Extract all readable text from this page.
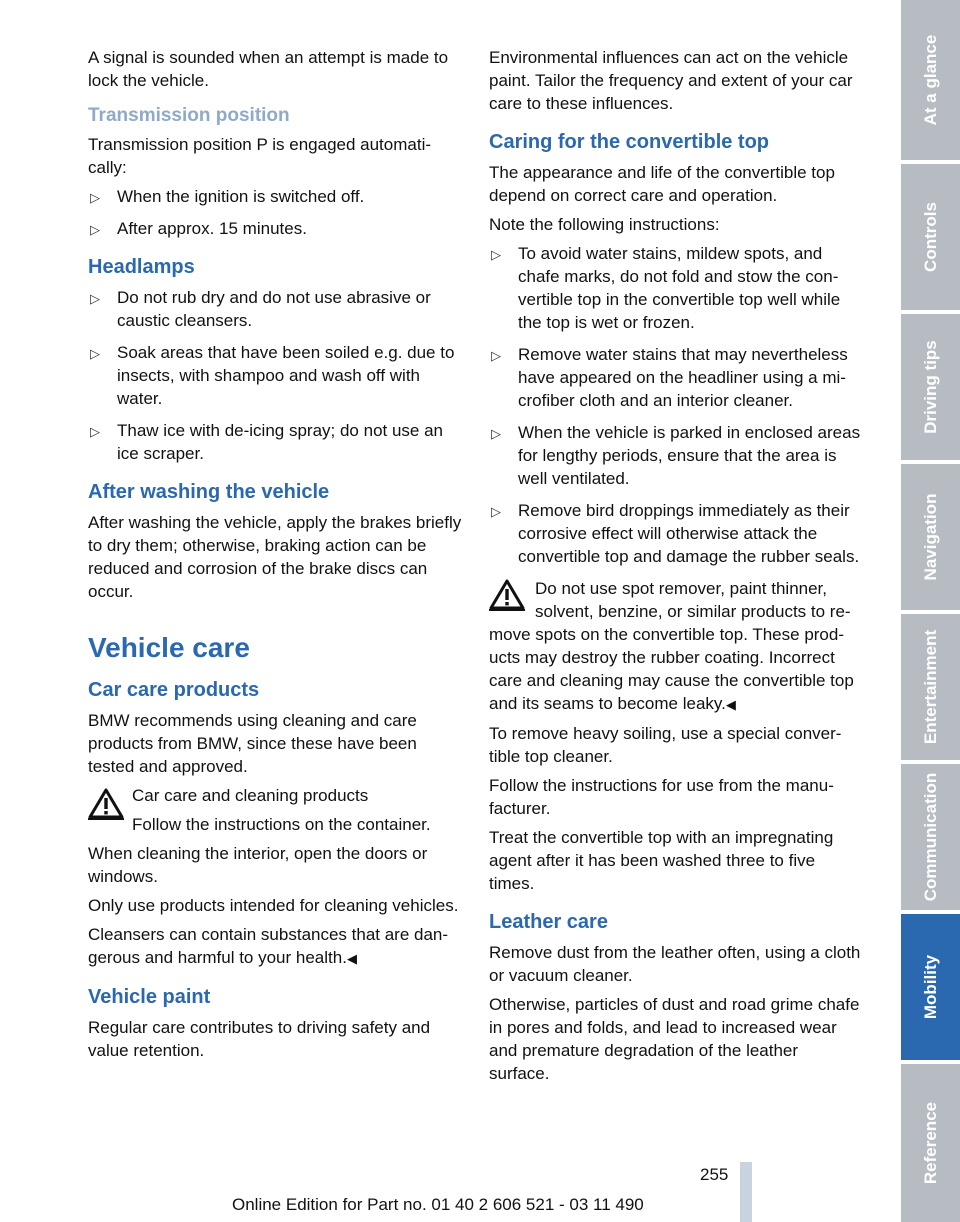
A signal is sounded when an attempt is made to lock the vehicle.

Transmission position

Transmission position P is engaged automatically:

▷ When the ignition is switched off.
▷ After approx. 15 minutes.
Headlamps
▷ Do not rub dry and do not use abrasive or caustic cleansers.
▷ Soak areas that have been soiled e.g. due to insects, with shampoo and wash off with water.
▷ Thaw ice with de-icing spray; do not use an ice scraper.
After washing the vehicle

After washing the vehicle, apply the brakes briefly to dry them; otherwise, braking action can be reduced and corrosion of the brake discs can occur.

Vehicle care
Car care products

BMW recommends using cleaning and care products from BMW, since these have been tested and approved.

Car care and cleaning products

Follow the instructions on the container.

When cleaning the interior, open the doors or windows.

Only use products intended for cleaning vehicles.

Cleansers can contain substances that are dangerous and harmful to your health.◀

Vehicle paint

Regular care contributes to driving safety and value retention.

Environmental influences can act on the vehicle paint. Tailor the frequency and extent of your car care to these influences.

Caring for the convertible top

The appearance and life of the convertible top depend on correct care and operation.

Note the following instructions:

▷ To avoid water stains, mildew spots, and chafe marks, do not fold and stow the convertible top in the convertible top well while the top is wet or frozen.
▷ Remove water stains that may nevertheless have appeared on the headliner using a microfiber cloth and an interior cleaner.
▷ When the vehicle is parked in enclosed areas for lengthy periods, ensure that the area is well ventilated.
▷ Remove bird droppings immediately as their corrosive effect will otherwise attack the convertible top and damage the rubber seals.

Do not use spot remover, paint thinner, solvent, benzine, or similar products to remove spots on the convertible top. These products may destroy the rubber coating. Incorrect care and cleaning may cause the convertible top and its seams to become leaky.◀

To remove heavy soiling, use a special convertible top cleaner.

Follow the instructions for use from the manufacturer.

Treat the convertible top with an impregnating agent after it has been washed three to five times.

Leather care

Remove dust from the leather often, using a cloth or vacuum cleaner.

Otherwise, particles of dust and road grime chafe in pores and folds, and lead to increased wear and premature degradation of the leather surface.

At a glance
Controls
Driving tips
Navigation
Entertainment
Communication
Mobility
Reference
255
Online Edition for Part no. 01 40 2 606 521 - 03 11 490
